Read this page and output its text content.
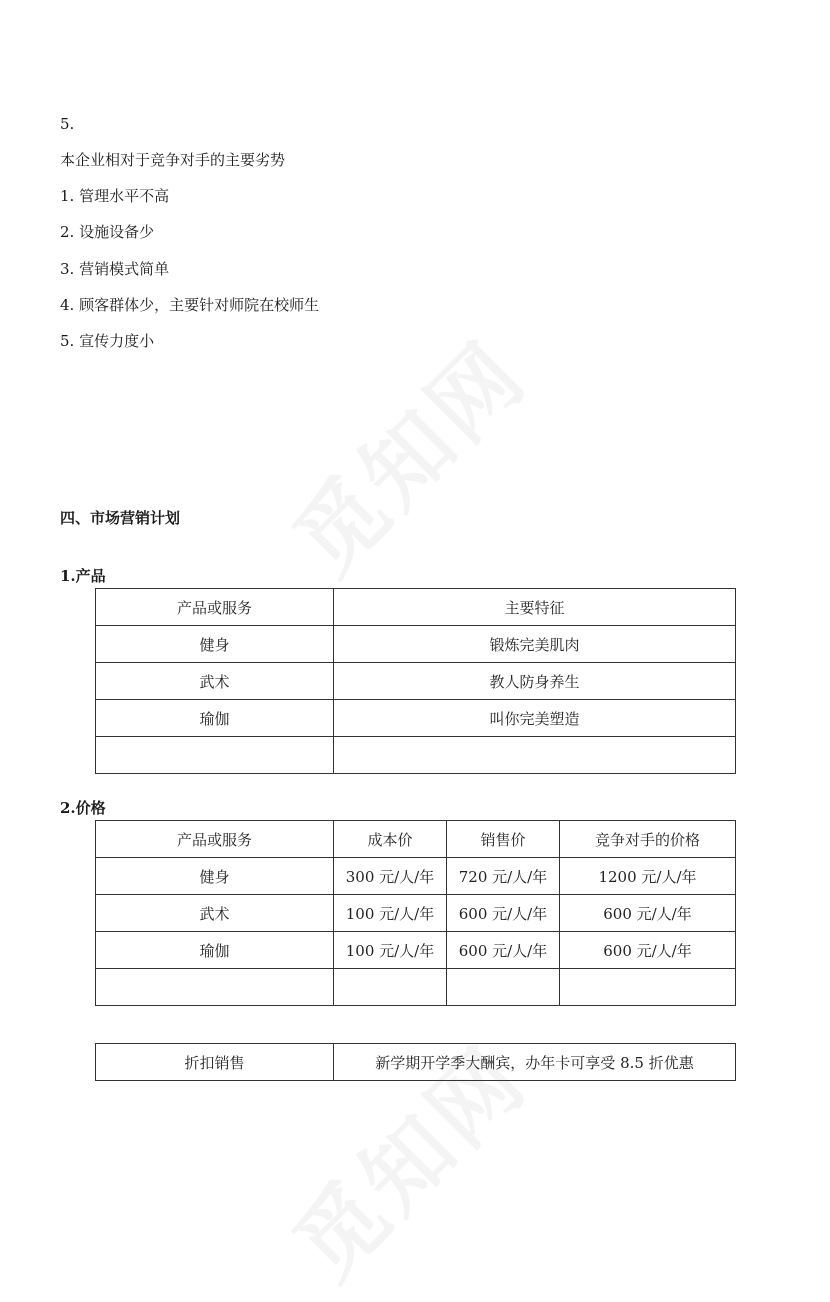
5.
本企业相对于竞争对手的主要劣势
1. 管理水平不高
2. 设施设备少
3. 营销模式简单
4. 顾客群体少，主要针对师院在校师生
5. 宣传力度小
四、市场营销计划
1.产品
产品或服务	主要特征
健身	锻炼完美肌肉
武术	教人防身养生
瑜伽	叫你完美塑造

2.价格
产品或服务	成本价	销售价	竞争对手的价格
健身	300 元/人/年	720 元/人/年	1200 元/人/年
武术	100 元/人/年	600 元/人/年	600 元/人/年
瑜伽	100 元/人/年	600 元/人/年	600 元/人/年

折扣销售	新学期开学季大酬宾，办年卡可享受 8.5 折优惠
